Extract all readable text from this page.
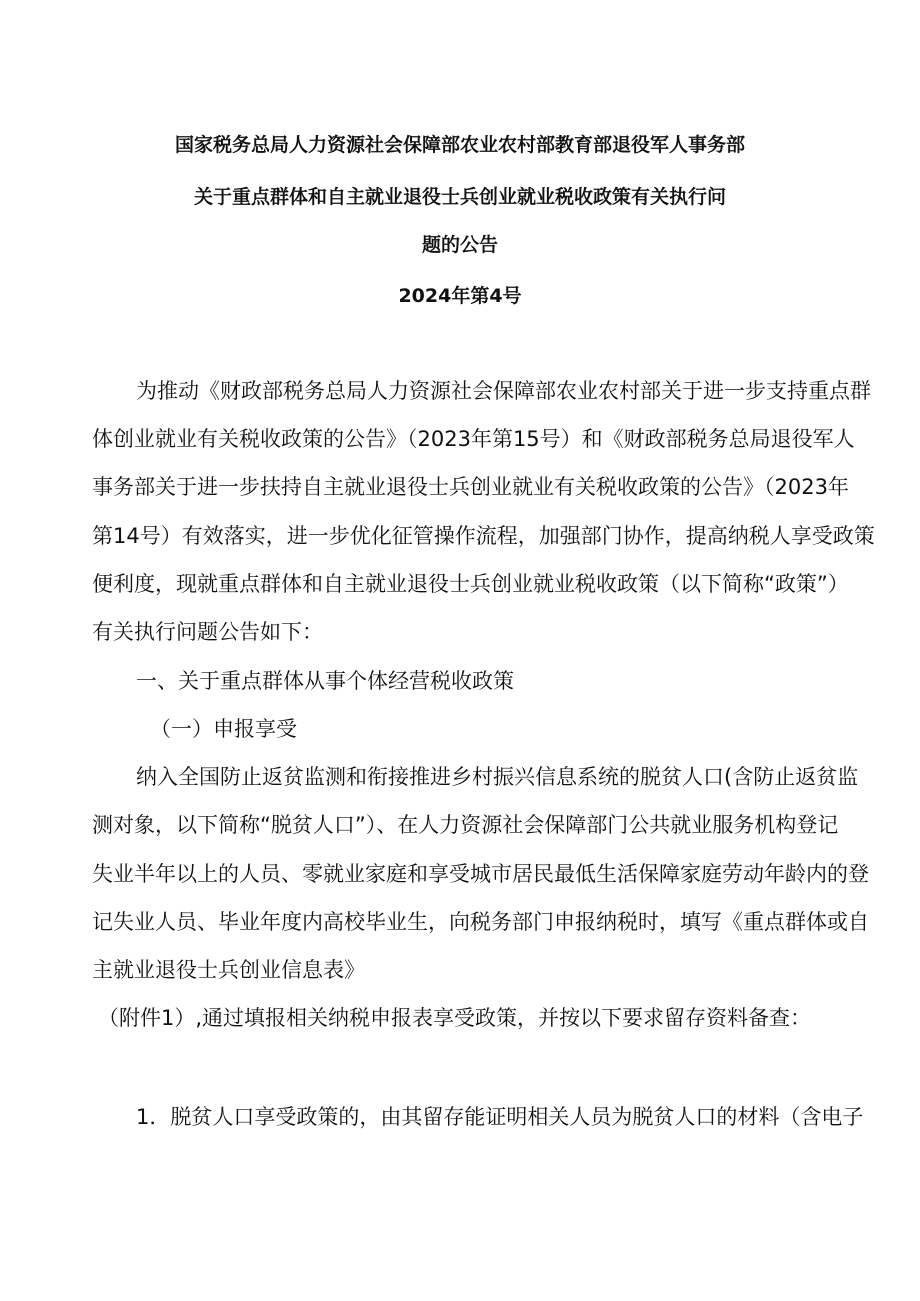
国家税务总局人力资源社会保障部农业农村部教育部退役军人事务部
关于重点群体和自主就业退役士兵创业就业税收政策有关执行问
题的公告
2024年第4号
为推动《财政部税务总局人力资源社会保障部农业农村部关于进一步支持重点群
体创业就业有关税收政策的公告》（2023年第15号）和《财政部税务总局退役军人
事务部关于进一步扶持自主就业退役士兵创业就业有关税收政策的公告》（2023年
第14号）有效落实，进一步优化征管操作流程，加强部门协作，提高纳税人享受政策
便利度，现就重点群体和自主就业退役士兵创业就业税收政策（以下简称“政策”）
有关执行问题公告如下：
一、关于重点群体从事个体经营税收政策
（一）申报享受
纳入全国防止返贫监测和衔接推进乡村振兴信息系统的脱贫人口(含防止返贫监
测对象，以下简称“脱贫人口”）、在人力资源社会保障部门公共就业服务机构登记
失业半年以上的人员、零就业家庭和享受城市居民最低生活保障家庭劳动年龄内的登
记失业人员、毕业年度内高校毕业生，向税务部门申报纳税时，填写《重点群体或自
主就业退役士兵创业信息表》
（附件1）,通过填报相关纳税申报表享受政策，并按以下要求留存资料备查：
1．脱贫人口享受政策的，由其留存能证明相关人员为脱贫人口的材料（含电子
